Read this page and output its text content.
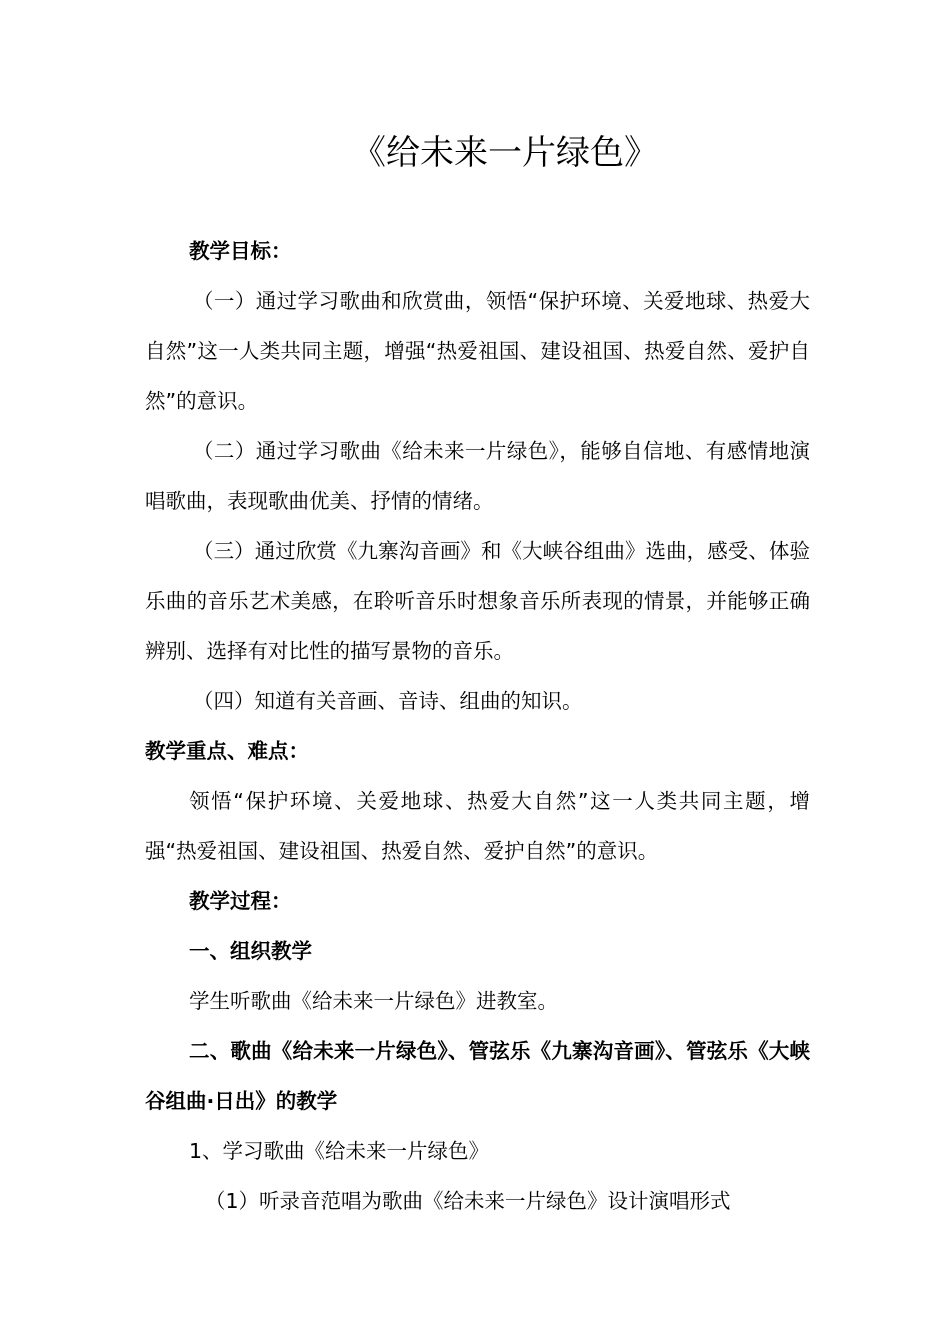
《给未来一片绿色》

教学目标：

（一）通过学习歌曲和欣赏曲，领悟“保护环境、关爱地球、热爱大自然”这一人类共同主题，增强“热爱祖国、建设祖国、热爱自然、爱护自然”的意识。

（二）通过学习歌曲《给未来一片绿色》，能够自信地、有感情地演唱歌曲，表现歌曲优美、抒情的情绪。

（三）通过欣赏《九寨沟音画》和《大峡谷组曲》选曲，感受、体验乐曲的音乐艺术美感，在聆听音乐时想象音乐所表现的情景，并能够正确辨别、选择有对比性的描写景物的音乐。

（四）知道有关音画、音诗、组曲的知识。

教学重点、难点：

领悟“保护环境、关爱地球、热爱大自然”这一人类共同主题，增强“热爱祖国、建设祖国、热爱自然、爱护自然”的意识。

教学过程：

一、组织教学

学生听歌曲《给未来一片绿色》进教室。

二、歌曲《给未来一片绿色》、管弦乐《九寨沟音画》、管弦乐《大峡谷组曲·日出》的教学

1、学习歌曲《给未来一片绿色》

（1）听录音范唱为歌曲《给未来一片绿色》设计演唱形式
